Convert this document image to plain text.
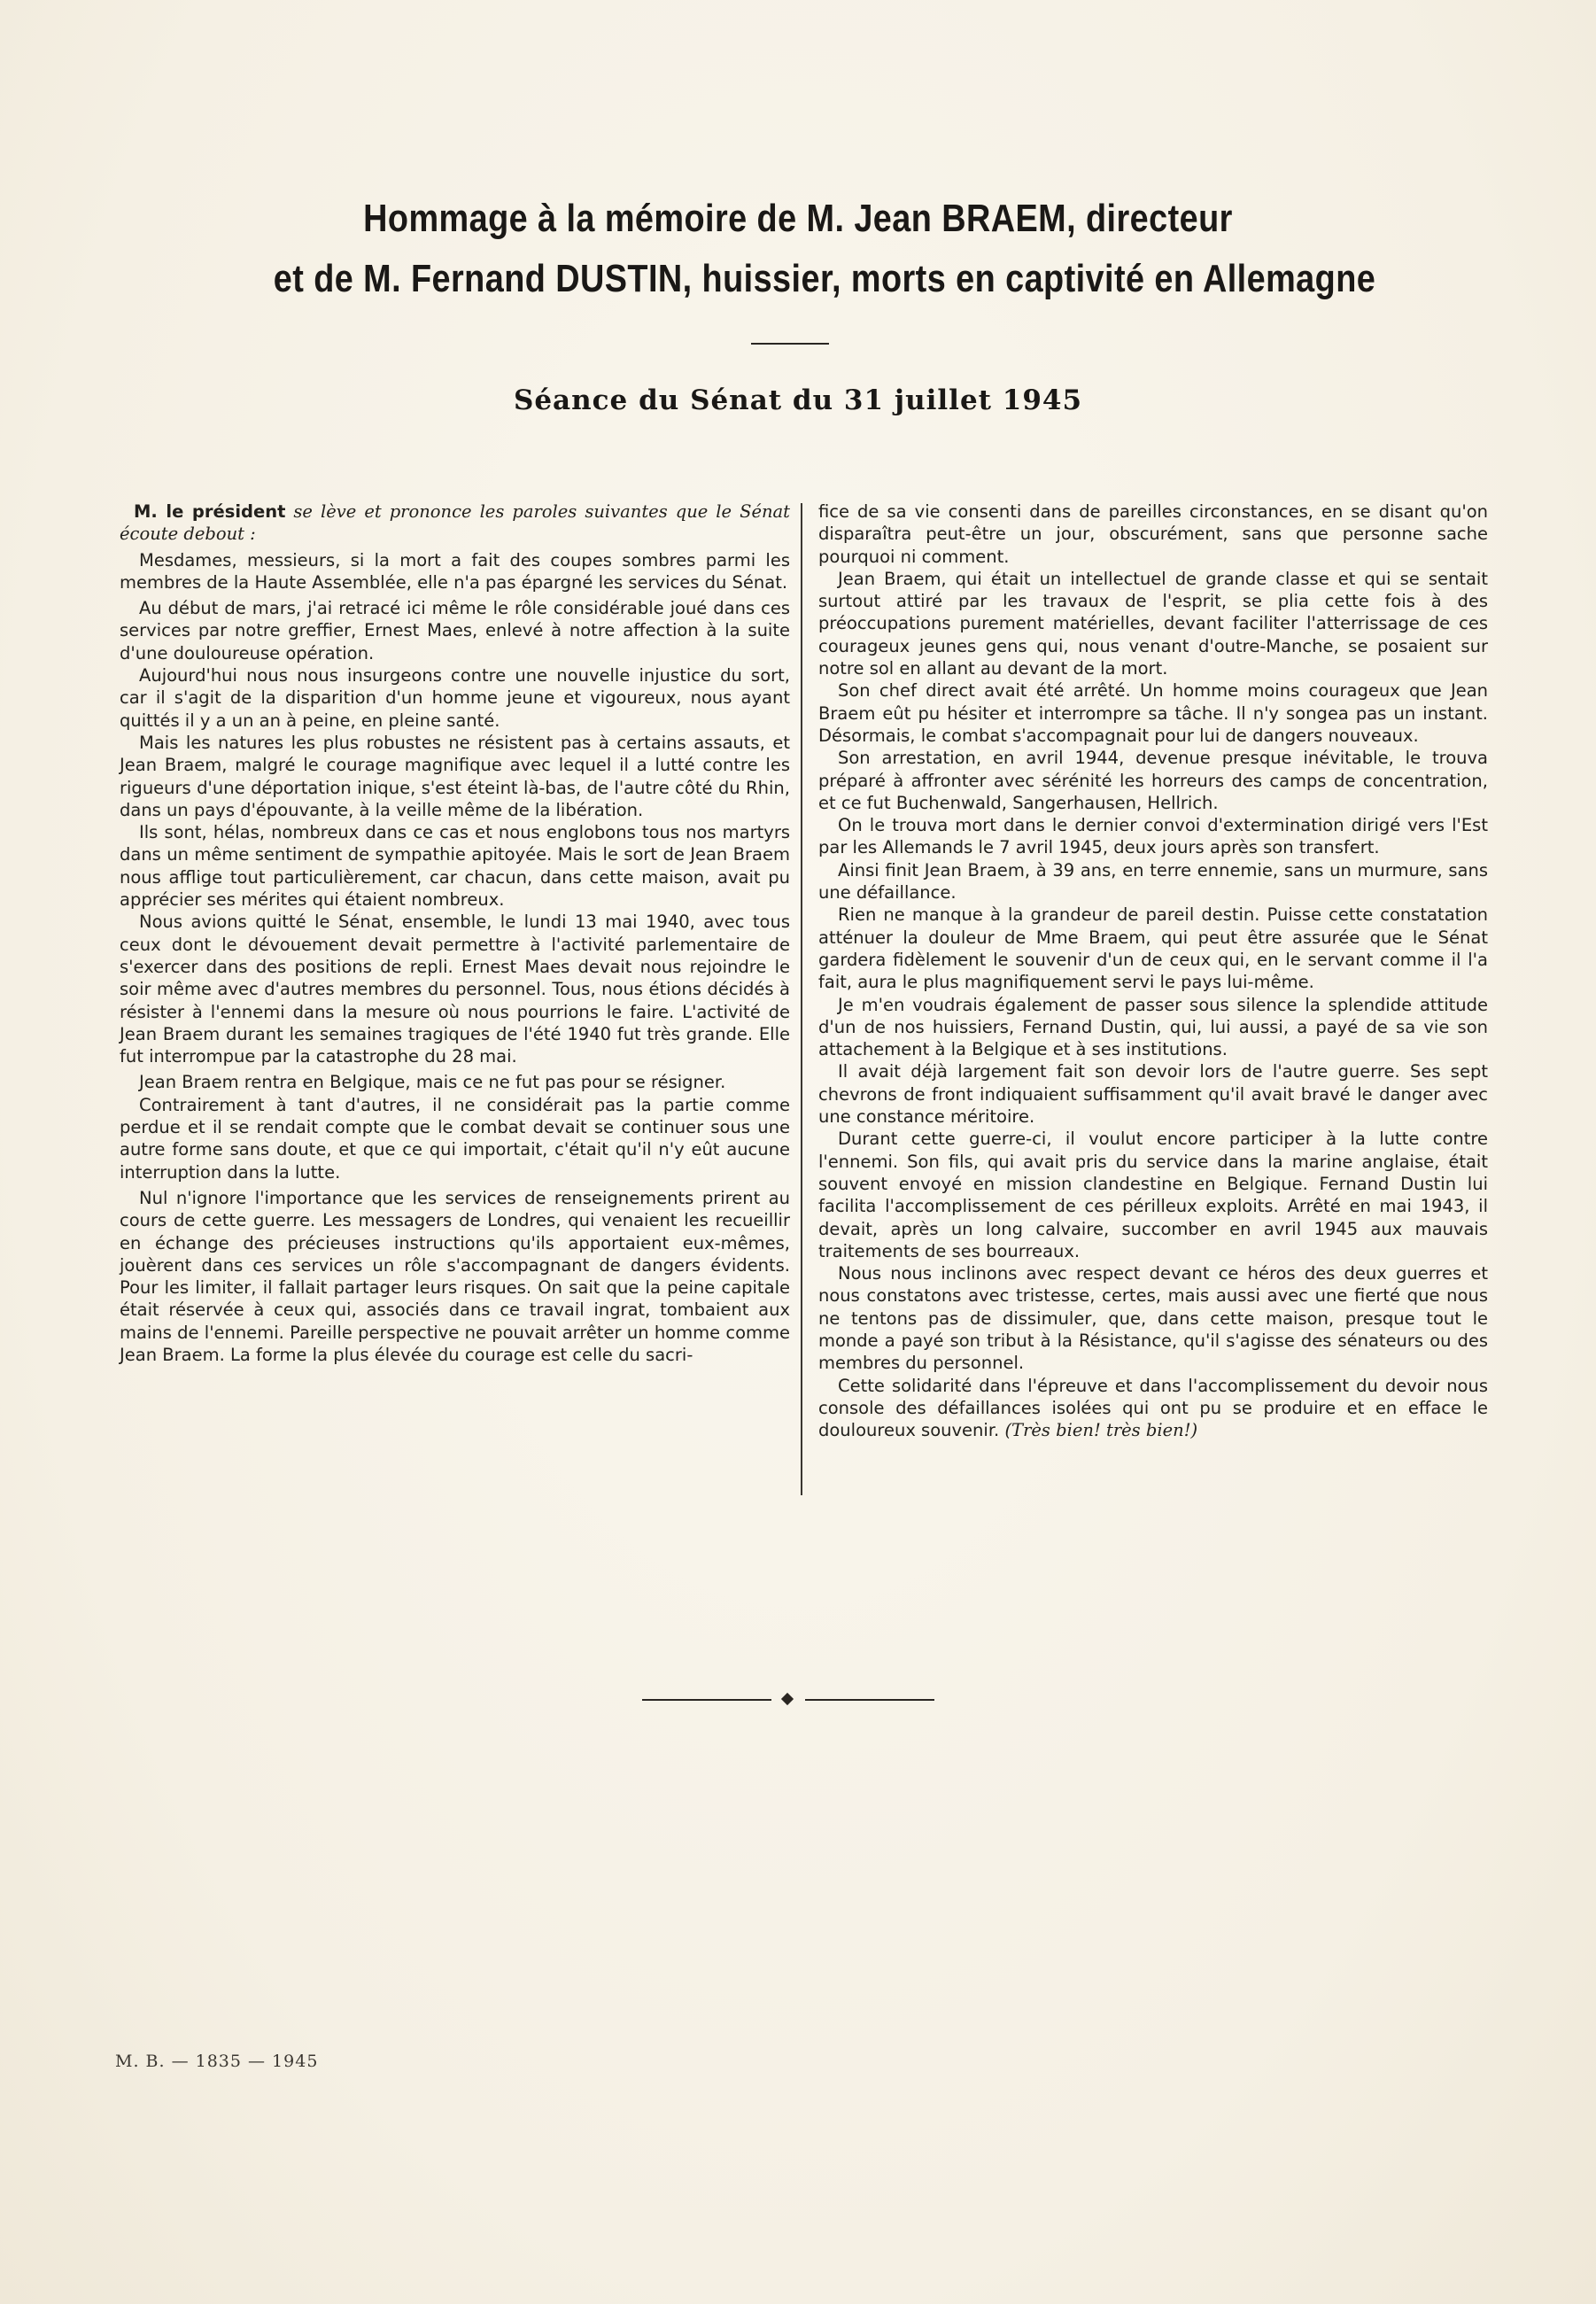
Hommage à la mémoire de M. Jean BRAEM, directeur
et de M. Fernand DUSTIN, huissier, morts en captivité en Allemagne
Séance du Sénat du 31 juillet 1945

M. le président se lève et prononce les paroles suivantes que le Sénat écoute debout :

Mesdames, messieurs, si la mort a fait des coupes sombres parmi les membres de la Haute Assemblée, elle n'a pas épargné les services du Sénat.

Au début de mars, j'ai retracé ici même le rôle considérable joué dans ces services par notre greffier, Ernest Maes, enlevé à notre affection à la suite d'une douloureuse opération.

Aujourd'hui nous nous insurgeons contre une nouvelle injustice du sort, car il s'agit de la disparition d'un homme jeune et vigoureux, nous ayant quittés il y a un an à peine, en pleine santé.

Mais les natures les plus robustes ne résistent pas à certains assauts, et Jean Braem, malgré le courage magnifique avec lequel il a lutté contre les rigueurs d'une déportation inique, s'est éteint là-bas, de l'autre côté du Rhin, dans un pays d'épouvante, à la veille même de la libération.

Ils sont, hélas, nombreux dans ce cas et nous englobons tous nos martyrs dans un même sentiment de sympathie apitoyée. Mais le sort de Jean Braem nous afflige tout particulièrement, car chacun, dans cette maison, avait pu apprécier ses mérites qui étaient nombreux.

Nous avions quitté le Sénat, ensemble, le lundi 13 mai 1940, avec tous ceux dont le dévouement devait permettre à l'activité parlementaire de s'exercer dans des positions de repli. Ernest Maes devait nous rejoindre le soir même avec d'autres membres du personnel. Tous, nous étions décidés à résister à l'ennemi dans la mesure où nous pourrions le faire. L'activité de Jean Braem durant les semaines tragiques de l'été 1940 fut très grande. Elle fut interrompue par la catastrophe du 28 mai.

Jean Braem rentra en Belgique, mais ce ne fut pas pour se résigner.

Contrairement à tant d'autres, il ne considérait pas la partie comme perdue et il se rendait compte que le combat devait se continuer sous une autre forme sans doute, et que ce qui importait, c'était qu'il n'y eût aucune interruption dans la lutte.

Nul n'ignore l'importance que les services de renseignements prirent au cours de cette guerre. Les messagers de Londres, qui venaient les recueillir en échange des précieuses instructions qu'ils apportaient eux-mêmes, jouèrent dans ces services un rôle s'accompagnant de dangers évidents. Pour les limiter, il fallait partager leurs risques. On sait que la peine capitale était réservée à ceux qui, associés dans ce travail ingrat, tombaient aux mains de l'ennemi. Pareille perspective ne pouvait arrêter un homme comme Jean Braem. La forme la plus élevée du courage est celle du sacri-

fice de sa vie consenti dans de pareilles circonstances, en se disant qu'on disparaîtra peut-être un jour, obscurément, sans que personne sache pourquoi ni comment.

Jean Braem, qui était un intellectuel de grande classe et qui se sentait surtout attiré par les travaux de l'esprit, se plia cette fois à des préoccupations purement matérielles, devant faciliter l'atterrissage de ces courageux jeunes gens qui, nous venant d'outre-Manche, se posaient sur notre sol en allant au devant de la mort.

Son chef direct avait été arrêté. Un homme moins courageux que Jean Braem eût pu hésiter et interrompre sa tâche. Il n'y songea pas un instant. Désormais, le combat s'accompagnait pour lui de dangers nouveaux.

Son arrestation, en avril 1944, devenue presque inévitable, le trouva préparé à affronter avec sérénité les horreurs des camps de concentration, et ce fut Buchenwald, Sangerhausen, Hellrich.

On le trouva mort dans le dernier convoi d'extermination dirigé vers l'Est par les Allemands le 7 avril 1945, deux jours après son transfert.

Ainsi finit Jean Braem, à 39 ans, en terre ennemie, sans un murmure, sans une défaillance.

Rien ne manque à la grandeur de pareil destin. Puisse cette constatation atténuer la douleur de Mme Braem, qui peut être assurée que le Sénat gardera fidèlement le souvenir d'un de ceux qui, en le servant comme il l'a fait, aura le plus magnifiquement servi le pays lui-même.

Je m'en voudrais également de passer sous silence la splendide attitude d'un de nos huissiers, Fernand Dustin, qui, lui aussi, a payé de sa vie son attachement à la Belgique et à ses institutions.

Il avait déjà largement fait son devoir lors de l'autre guerre. Ses sept chevrons de front indiquaient suffisamment qu'il avait bravé le danger avec une constance méritoire.

Durant cette guerre-ci, il voulut encore participer à la lutte contre l'ennemi. Son fils, qui avait pris du service dans la marine anglaise, était souvent envoyé en mission clandestine en Belgique. Fernand Dustin lui facilita l'accomplissement de ces périlleux exploits. Arrêté en mai 1943, il devait, après un long calvaire, succomber en avril 1945 aux mauvais traitements de ses bourreaux.

Nous nous inclinons avec respect devant ce héros des deux guerres et nous constatons avec tristesse, certes, mais aussi avec une fierté que nous ne tentons pas de dissimuler, que, dans cette maison, presque tout le monde a payé son tribut à la Résistance, qu'il s'agisse des sénateurs ou des membres du personnel.

Cette solidarité dans l'épreuve et dans l'accomplissement du devoir nous console des défaillances isolées qui ont pu se produire et en efface le douloureux souvenir. (Très bien! très bien!)

M. B. — 1835 — 1945
